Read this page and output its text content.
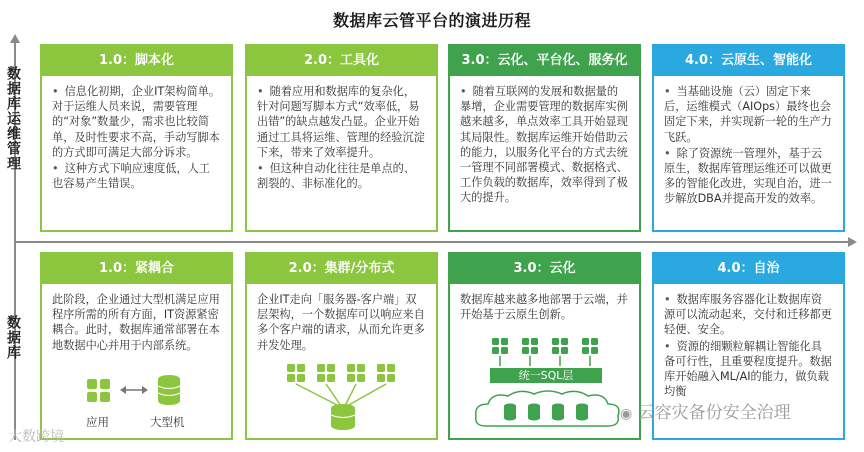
数据库云管平台的演进历程
数据库运维管理
数据库
1.0：脚本化

• 信息化初期，企业IT架构简单。对于运维人员来说，需要管理的“对象”数量少，需求也比较简单，及时性要求不高，手动写脚本的方式即可满足大部分诉求。

• 这种方式下响应速度低，人工也容易产生错误。

2.0：工具化

• 随着应用和数据库的复杂化，针对问题写脚本方式“效率低，易出错”的缺点越发凸显。企业开始通过工具将运维、管理的经验沉淀下来，带来了效率提升。

• 但这种自动化往往是单点的、割裂的、非标准化的。

3.0：云化、平台化、服务化

• 随着互联网的发展和数据量的暴增，企业需要管理的数据库实例越来越多，单点效率工具开始显现其局限性。数据库运维开始借助云的能力，以服务化平台的方式去统一管理不同部署模式、数据格式、工作负载的数据库，效率得到了极大的提升。

4.0：云原生、智能化

• 当基础设施（云）固定下来后，运维模式（AIOps）最终也会固定下来，并实现新一轮的生产力飞跃。

• 除了资源统一管理外，基于云原生，数据库管理运维还可以做更多的智能化改进，实现自治，进一步解放DBA并提高开发的效率。

1.0：紧耦合

此阶段，企业通过大型机满足应用程序所需的所有方面，IT资源紧密耦合。此时，数据库通常部署在本地数据中心并用于内部系统。

应用	大型机
2.0：集群/分布式

企业IT走向「服务器-客户端」双层架构，一个数据库可以响应来自多个客户端的请求，从而允许更多并发处理。

3.0：云化

数据库越来越多地部署于云端，并开始基于云原生创新。

统一SQL层
4.0：自治

• 数据库服务容器化让数据库资源可以流动起来，交付和迁移都更轻便、安全。

• 资源的细颗粒解耦让智能化具备可行性，且重要程度提升。数据库开始融入ML/AI的能力，做负载均衡

◉ 云容灾备份安全治理
大数跨境
